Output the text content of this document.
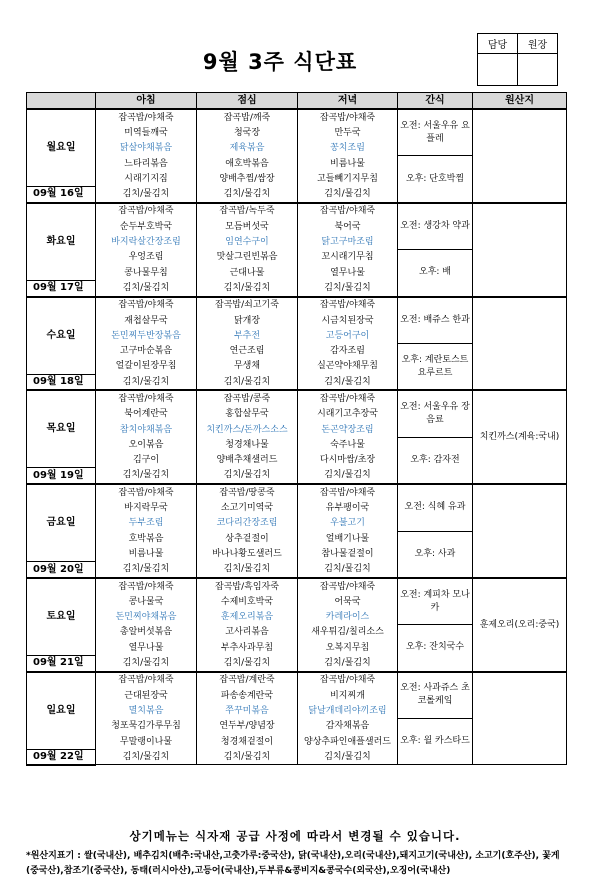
9월 3주 식단표
담당	원장

	아침	점심	저녁	간식	원산지
월요일	잡곡밥/야채죽	잡곡밥/깨죽	잡곡밥/야채죽	오전: 서울우유 요플레	
	미역들깨국	청국장	만두국		
	닭살야채볶음	제육볶음	꽁치조림		
	느타리볶음	애호박볶음	비름나물	오후: 단호박찜	
	시래기지짐	양배추찜/쌈장	고들빼기지무침		
09월 16일	김치/물김치	김치/물김치	김치/물김치		
화요일	잡곡밥/야채죽	잡곡밥/녹두죽	잡곡밥/야채죽	오전: 생강차 약과	
	순두부호박국	모듬버섯국	북어국		
	바지락살간장조림	임연수구이	닭고구마조림		
	우엉조림	맛살그린빈볶음	꼬시래기무침	오후: 배	
	콩나물무침	근대나물	열무나물		
09월 17일	김치/물김치	김치/물김치	김치/물김치		
수요일	잡곡밥/야채죽	잡곡밥/쇠고기죽	잡곡밥/야채죽	오전: 배쥬스 한과	
	재첩살무국	닭개장	시금치된장국		
	돈민찌두반장볶음	부추전	고등어구이		
	고구마순볶음	연근조림	감자조림	오후: 계란토스트 요루르트	
	얼갈이된장무침	무생채	실곤약야채무침		
09월 18일	김치/물김치	김치/물김치	김치/물김치		
목요일	잡곡밥/야채죽	잡곡밥/콩죽	잡곡밥/야채죽	오전: 서울우유 장음료	치킨까스(계육:국내)
	북어계란국	홍합살무국	시래기고추장국		
	참치야채볶음	치킨까스/돈까스소스	돈곤약장조림		
	오이볶음	청경채나물	숙주나물	오후: 감자전	
	김구이	양배추채샐러드	다시마쌈/초장		
09월 19일	김치/물김치	김치/물김치	김치/물김치		
금요일	잡곡밥/야채죽	잡곡밥/땅콩죽	잡곡밥/야채죽	오전: 식혜 유과	
	바지락무국	소고기미역국	유부팽이국		
	두부조림	코다리간장조림	우불고기		
	호박볶음	상추겉절이	얼배기나물	오후: 사과	
	비름나물	바나나황도샐러드	참나물겉절이		
09월 20일	김치/물김치	김치/물김치	김치/물김치		
토요일	잡곡밥/야채죽	잡곡밥/흑임자죽	잡곡밥/야채죽	오전: 계피차 모나카	훈제오리(오리:중국)
	콩나물국	수제비호박국	어묵국		
	돈민찌야채볶음	훈제오리볶음	카레라이스		
	총알버섯볶음	고사리볶음	새우튀김/칠리소스	오후: 잔치국수	
	열무나물	부추사과무침	오복지무침		
09월 21일	김치/물김치	김치/물김치	김치/물김치		
일요일	잡곡밥/야채죽	잡곡밥/계란죽	잡곡밥/야채죽	오전: 사과쥬스 초코롤케잌	
	근대된장국	파송송계란국	비지찌개		
	멸치볶음	쭈꾸미볶음	닭날개데리야끼조림		
	청포묵김가루무침	연두부/양념장	감자채볶음	오후: 윌 카스타드	
	무말랭이나물	청경채겉절이	양상추파인애플샐러드		
09월 22일	김치/물김치	김치/물김치	김치/물김치		
상기메뉴는 식자재 공급 사정에 따라서 변경될 수 있습니다.
*원산지표기 : 쌀(국내산), 배추김치(배추:국내산,고춧가루:중국산), 닭(국내산),오리(국내산),돼지고기(국내산), 소고기(호주산), 꽃게(중국산),참조기(중국산), 동태(러시아산),고등어(국내산),두부류&콩비지&콩국수(외국산),오징어(국내산)
